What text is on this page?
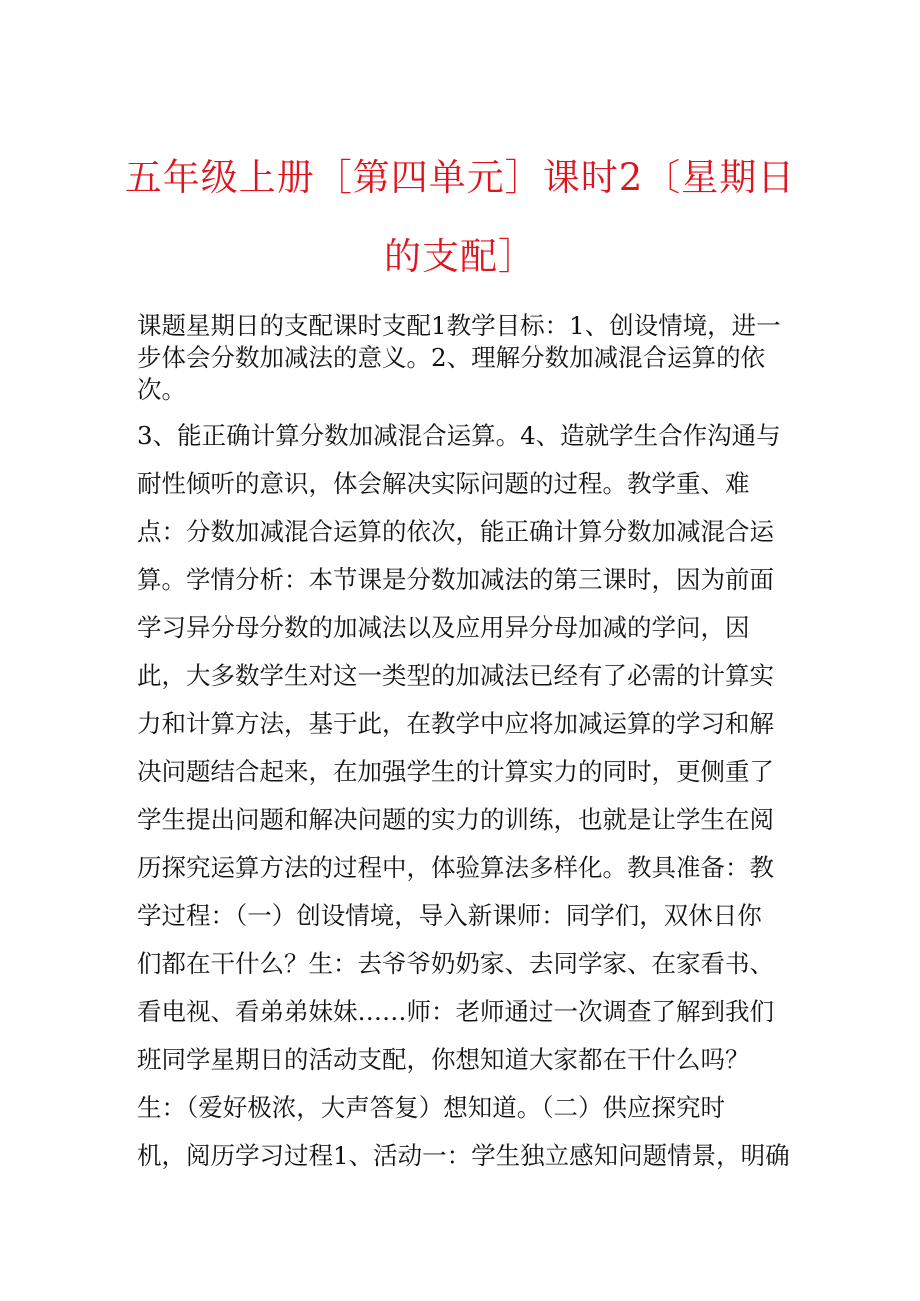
五年级上册［第四单元］课时2〔星期日
的支配］
课题星期日的支配课时支配1教学目标：1、创设情境，进一
步体会分数加减法的意义。2、理解分数加减混合运算的依
次。
3、能正确计算分数加减混合运算。4、造就学生合作沟通与
耐性倾听的意识，体会解决实际问题的过程。教学重、难
点：分数加减混合运算的依次，能正确计算分数加减混合运
算。学情分析：本节课是分数加减法的第三课时，因为前面
学习异分母分数的加减法以及应用异分母加减的学问，因
此，大多数学生对这一类型的加减法已经有了必需的计算实
力和计算方法，基于此，在教学中应将加减运算的学习和解
决问题结合起来，在加强学生的计算实力的同时，更侧重了
学生提出问题和解决问题的实力的训练，也就是让学生在阅
历探究运算方法的过程中，体验算法多样化。教具准备：教
学过程：（一）创设情境，导入新课师：同学们，双休日你
们都在干什么？生：去爷爷奶奶家、去同学家、在家看书、
看电视、看弟弟妹妹……师：老师通过一次调查了解到我们
班同学星期日的活动支配，你想知道大家都在干什么吗？
生：（爱好极浓，大声答复）想知道。（二）供应探究时
机，阅历学习过程1、活动一：学生独立感知问题情景，明确
